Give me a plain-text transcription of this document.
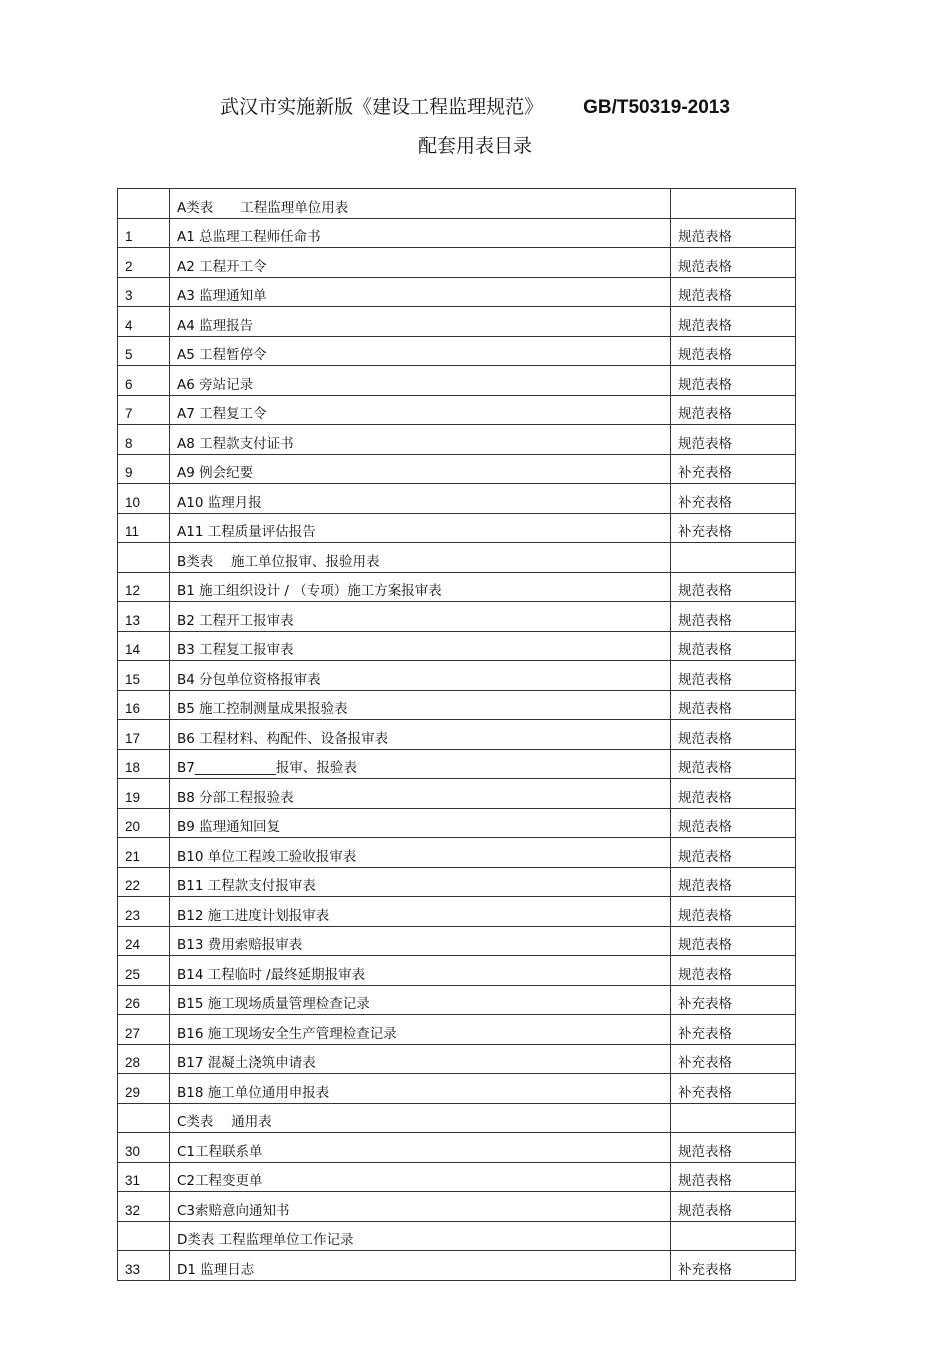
武汉市实施新版《建设工程监理规范》 GB/T50319-2013
配套用表目录
	A类表　　工程监理单位用表	
1	A1 总监理工程师任命书	规范表格
2	A2 工程开工令	规范表格
3	A3 监理通知单	规范表格
4	A4 监理报告	规范表格
5	A5 工程暂停令	规范表格
6	A6 旁站记录	规范表格
7	A7 工程复工令	规范表格
8	A8 工程款支付证书	规范表格
9	A9 例会纪要	补充表格
10	A10 监理月报	补充表格
11	A11 工程质量评估报告	补充表格
	B类表　 施工单位报审、报验用表	
12	B1 施工组织设计 / （专项）施工方案报审表	规范表格
13	B2 工程开工报审表	规范表格
14	B3 工程复工报审表	规范表格
15	B4 分包单位资格报审表	规范表格
16	B5 施工控制测量成果报验表	规范表格
17	B6 工程材料、构配件、设备报审表	规范表格
18	B7____________报审、报验表	规范表格
19	B8 分部工程报验表	规范表格
20	B9 监理通知回复	规范表格
21	B10 单位工程竣工验收报审表	规范表格
22	B11 工程款支付报审表	规范表格
23	B12 施工进度计划报审表	规范表格
24	B13 费用索赔报审表	规范表格
25	B14 工程临时 /最终延期报审表	规范表格
26	B15 施工现场质量管理检查记录	补充表格
27	B16 施工现场安全生产管理检查记录	补充表格
28	B17 混凝土浇筑申请表	补充表格
29	B18 施工单位通用申报表	补充表格
	C类表　 通用表	
30	C1工程联系单	规范表格
31	C2工程变更单	规范表格
32	C3索赔意向通知书	规范表格
	D类表 工程监理单位工作记录	
33	D1 监理日志	补充表格
